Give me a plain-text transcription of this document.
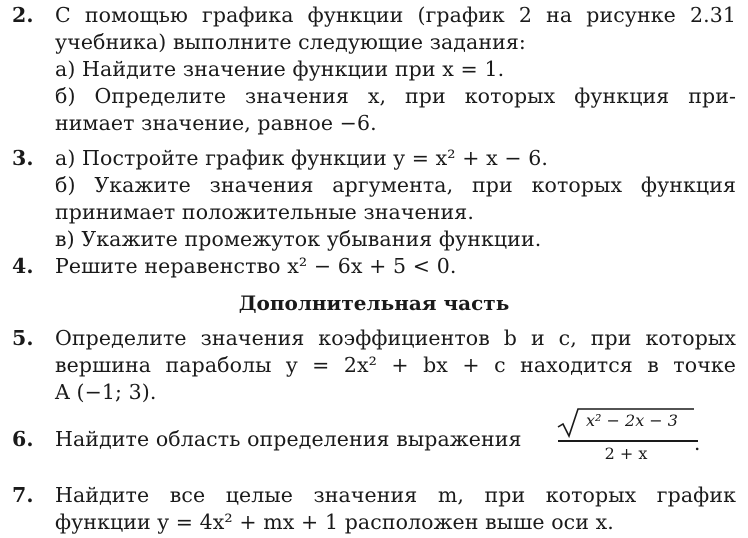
2. С помощью графика функции (график 2 на рисунке 2.31
учебника) выполните следующие задания:
а) Найдите значение функции при x = 1.
б) Определите значения x, при которых функция при-
нимает значение, равное −6.
3. а) Постройте график функции y = x² + x − 6.
б) Укажите значения аргумента, при которых функция
принимает положительные значения.
в) Укажите промежуток убывания функции.
4. Решите неравенство x² − 6x + 5 < 0.
Дополнительная часть
5. Определите значения коэффициентов b и c, при которых
вершина параболы y = 2x² + bx + c находится в точке
A (−1; 3).
6. Найдите область определения выражения
x² − 2x − 3
2 + x	.
7. Найдите все целые значения m, при которых график
функции y = 4x² + mx + 1 расположен выше оси x.
